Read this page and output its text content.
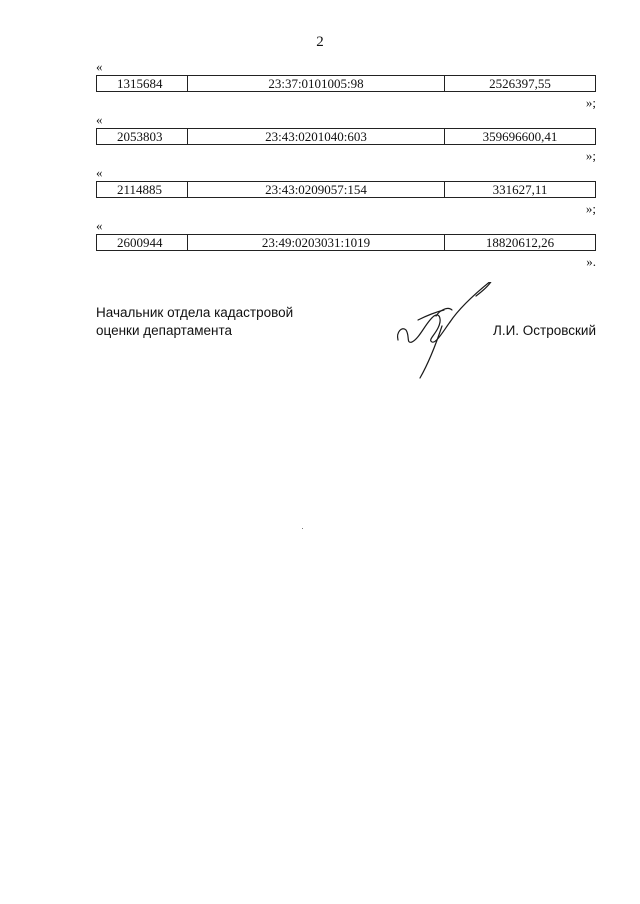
2
«
1315684	23:37:0101005:98	2526397,55
»;
«
2053803	23:43:0201040:603	359696600,41
»;
«
2114885	23:43:0209057:154	331627,11
»;
«
2600944	23:49:0203031:1019	18820612,26
».
Начальник отдела кадастровой
оценки департамента	Л.И. Островский
